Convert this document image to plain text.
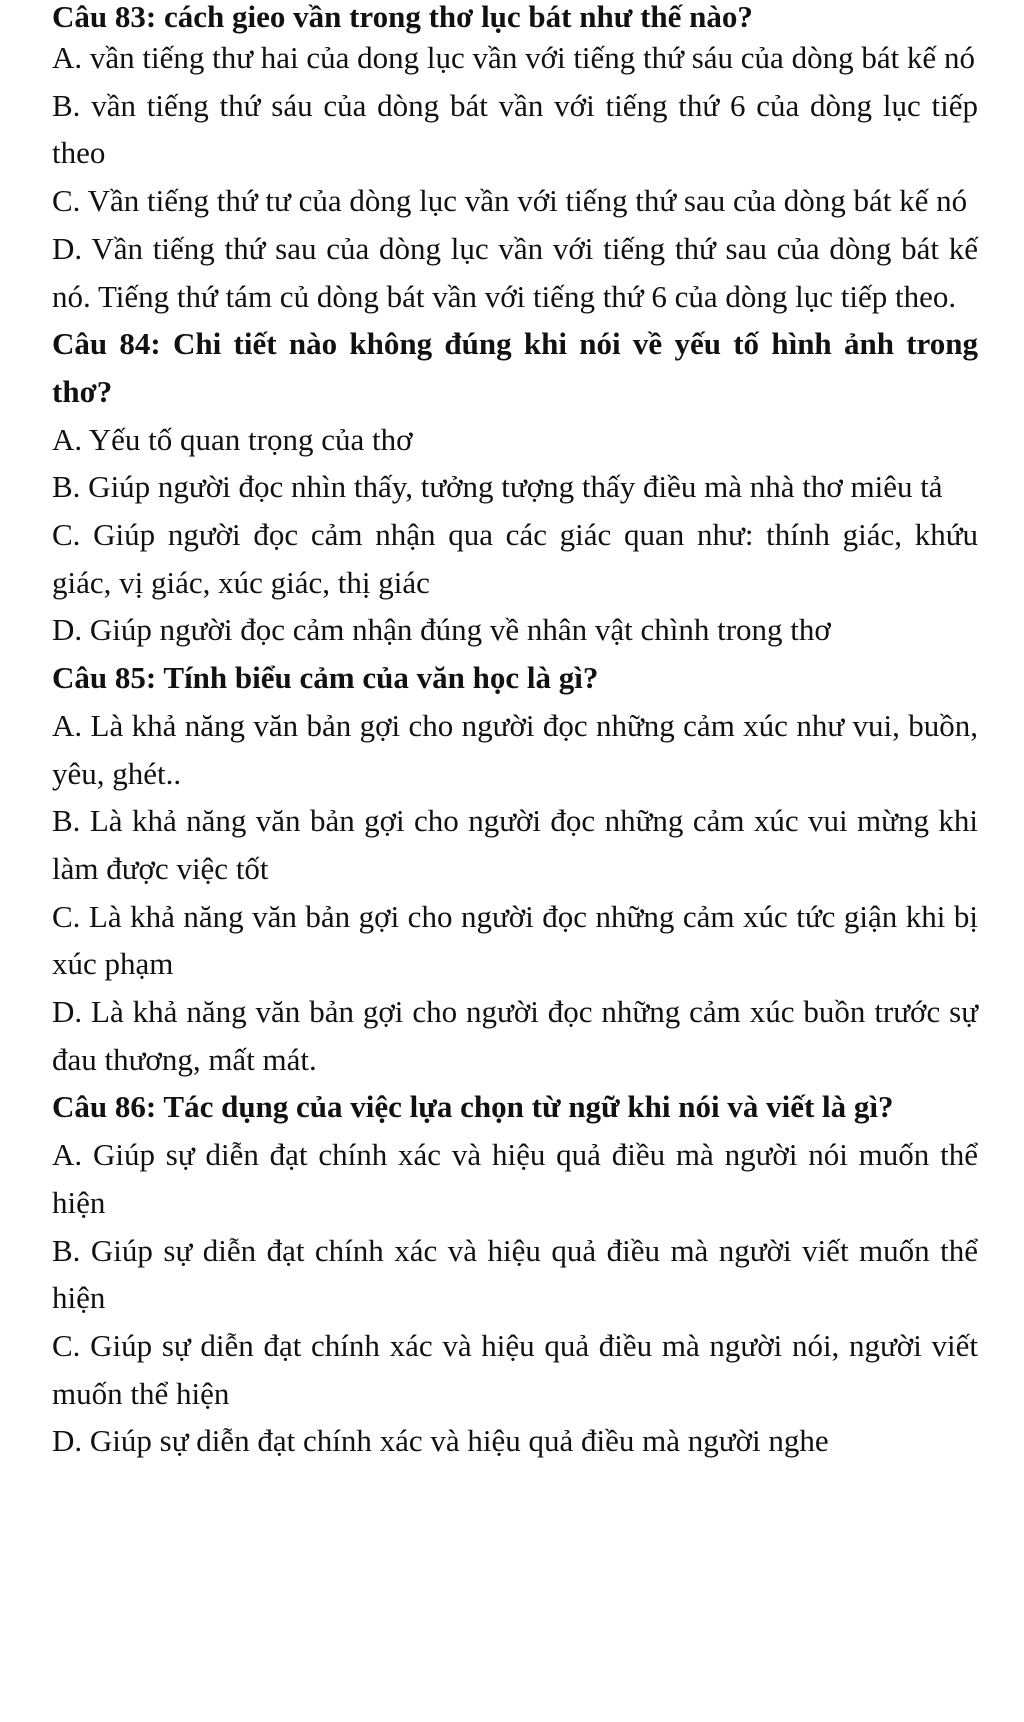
Câu 83: cách gieo vần trong thơ lục bát như thế nào?

A. vần tiếng thư hai của dong lục vần với tiếng thứ sáu của dòng bát kế nó

B. vần tiếng thứ sáu của dòng bát vần với tiếng thứ 6 của dòng lục tiếp theo

C. Vần tiếng thứ tư của dòng lục vần với tiếng thứ sau của dòng bát kế nó

D. Vần tiếng thứ sau của dòng lục vần với tiếng thứ sau của dòng bát kế nó. Tiếng thứ tám củ dòng bát vần với tiếng thứ 6 của dòng lục tiếp theo.

Câu 84: Chi tiết nào không đúng khi nói về yếu tố hình ảnh trong thơ?

A. Yếu tố quan trọng của thơ

B. Giúp người đọc nhìn thấy, tưởng tượng thấy điều mà nhà thơ miêu tả

C. Giúp người đọc cảm nhận qua các giác quan như: thính giác, khứu giác, vị giác, xúc giác, thị giác

D. Giúp người đọc cảm nhận đúng về nhân vật chình trong thơ

Câu 85: Tính biểu cảm của văn học là gì?

A. Là khả năng văn bản gợi cho người đọc những cảm xúc như vui, buồn, yêu, ghét..

B. Là khả năng văn bản gợi cho người đọc những cảm xúc vui mừng khi làm được việc tốt

C. Là khả năng văn bản gợi cho người đọc những cảm xúc tức giận khi bị xúc phạm

D. Là khả năng văn bản gợi cho người đọc những cảm xúc buồn trước sự đau thương, mất mát.

Câu 86: Tác dụng của việc lựa chọn từ ngữ khi nói và viết là gì?

A. Giúp sự diễn đạt chính xác và hiệu quả điều mà người nói muốn thể hiện

B. Giúp sự diễn đạt chính xác và hiệu quả điều mà người viết muốn thể hiện

C. Giúp sự diễn đạt chính xác và hiệu quả điều mà người nói, người viết muốn thể hiện

D. Giúp sự diễn đạt chính xác và hiệu quả điều mà người nghe
